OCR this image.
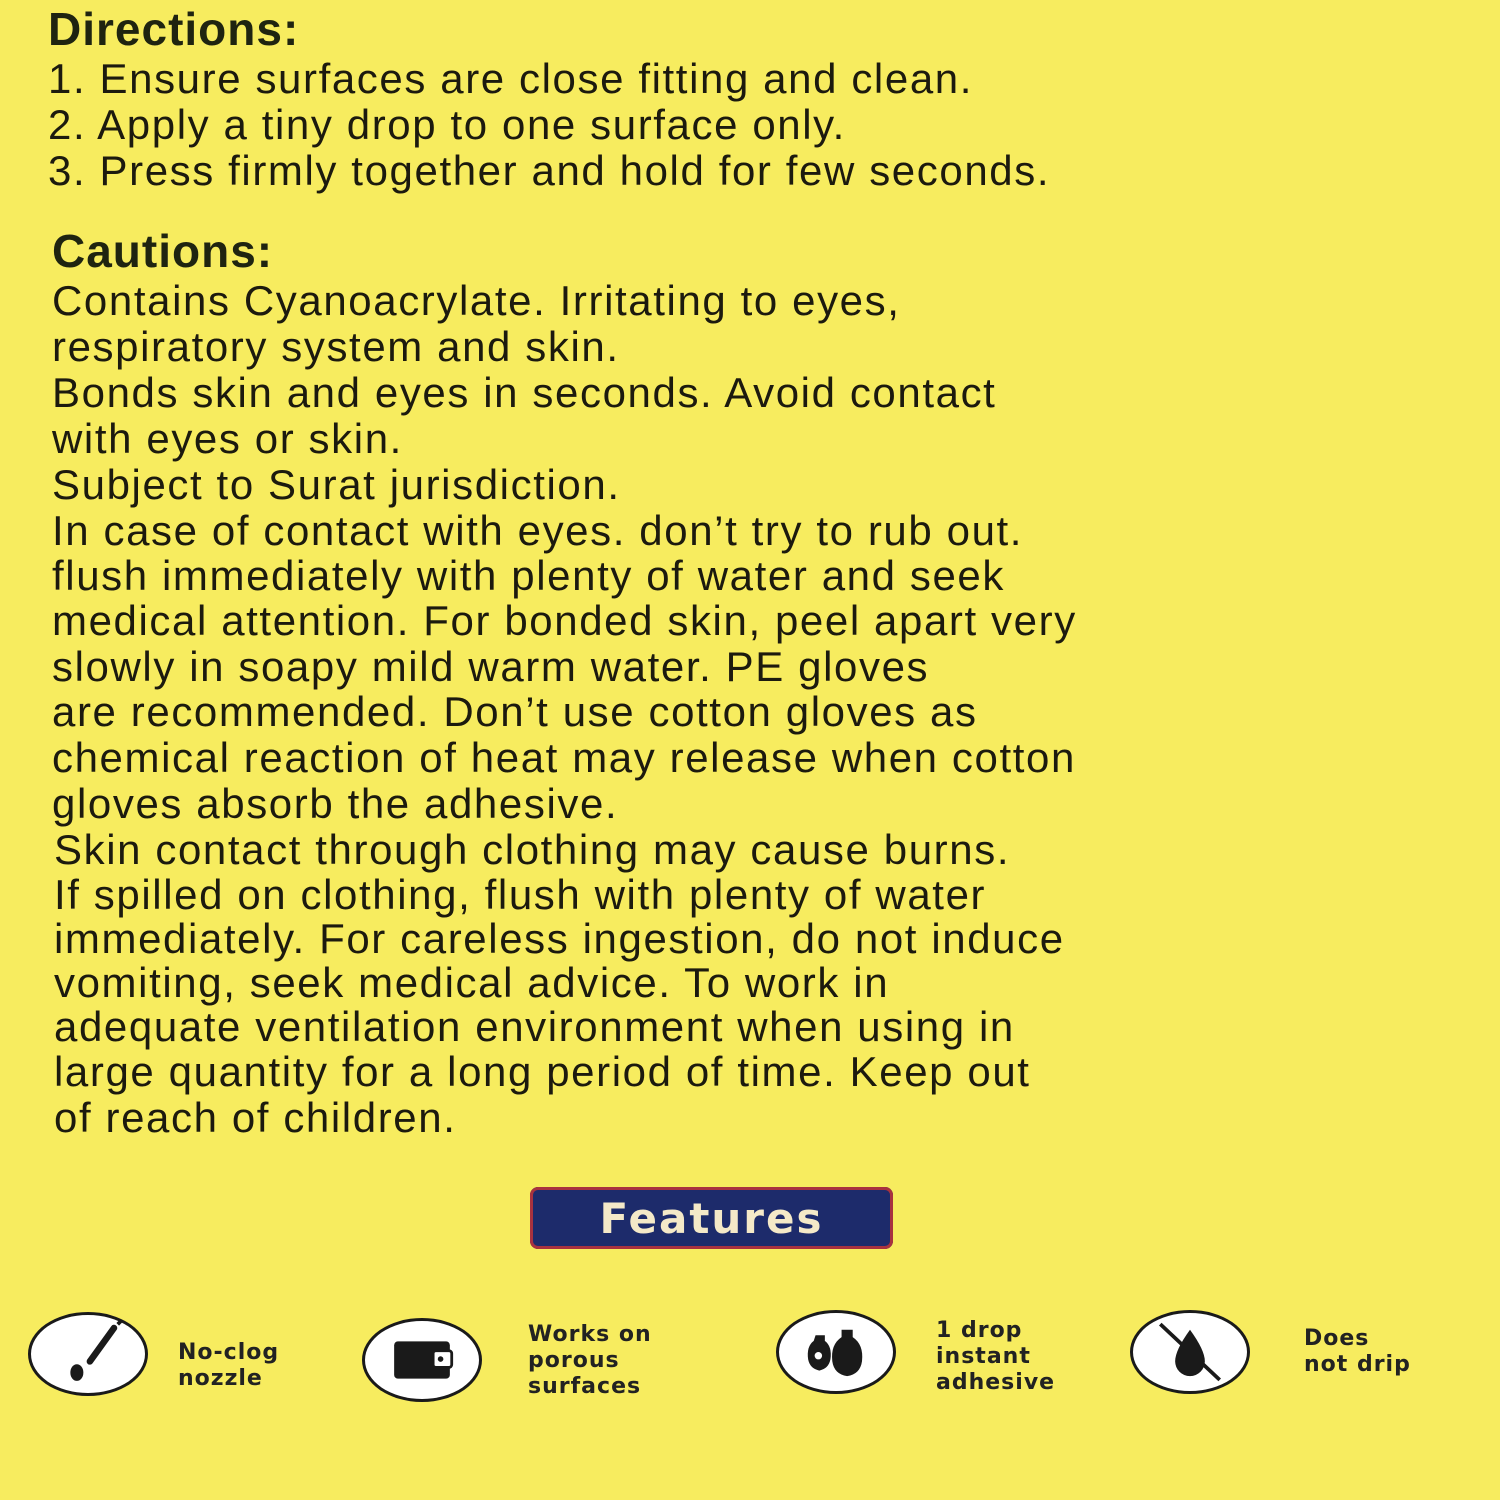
Directions:

1. Ensure surfaces are close fitting and clean.

2. Apply a tiny drop to one surface only.

3. Press firmly together and hold for few seconds.

Cautions:

Contains Cyanoacrylate. Irritating to eyes,

respiratory system and skin.

Bonds skin and eyes in seconds. Avoid contact

with eyes or skin.

Subject to Surat jurisdiction.

In case of contact with eyes. don’t try to rub out.

flush immediately with plenty of water and seek

medical attention. For bonded skin, peel apart very

slowly in soapy mild warm water. PE gloves

are recommended. Don’t use cotton gloves as

chemical reaction of heat may release when cotton

gloves absorb the adhesive.

Skin contact through clothing may cause burns.

If spilled on clothing, flush with plenty of water

immediately. For careless ingestion, do not induce

vomiting, seek medical advice. To work in

adequate ventilation environment when using in

large quantity for a long period of time. Keep out

of reach of children.

Features
No-clog
nozzle
Works on
porous
surfaces
1 drop
instant
adhesive
Does
not drip
